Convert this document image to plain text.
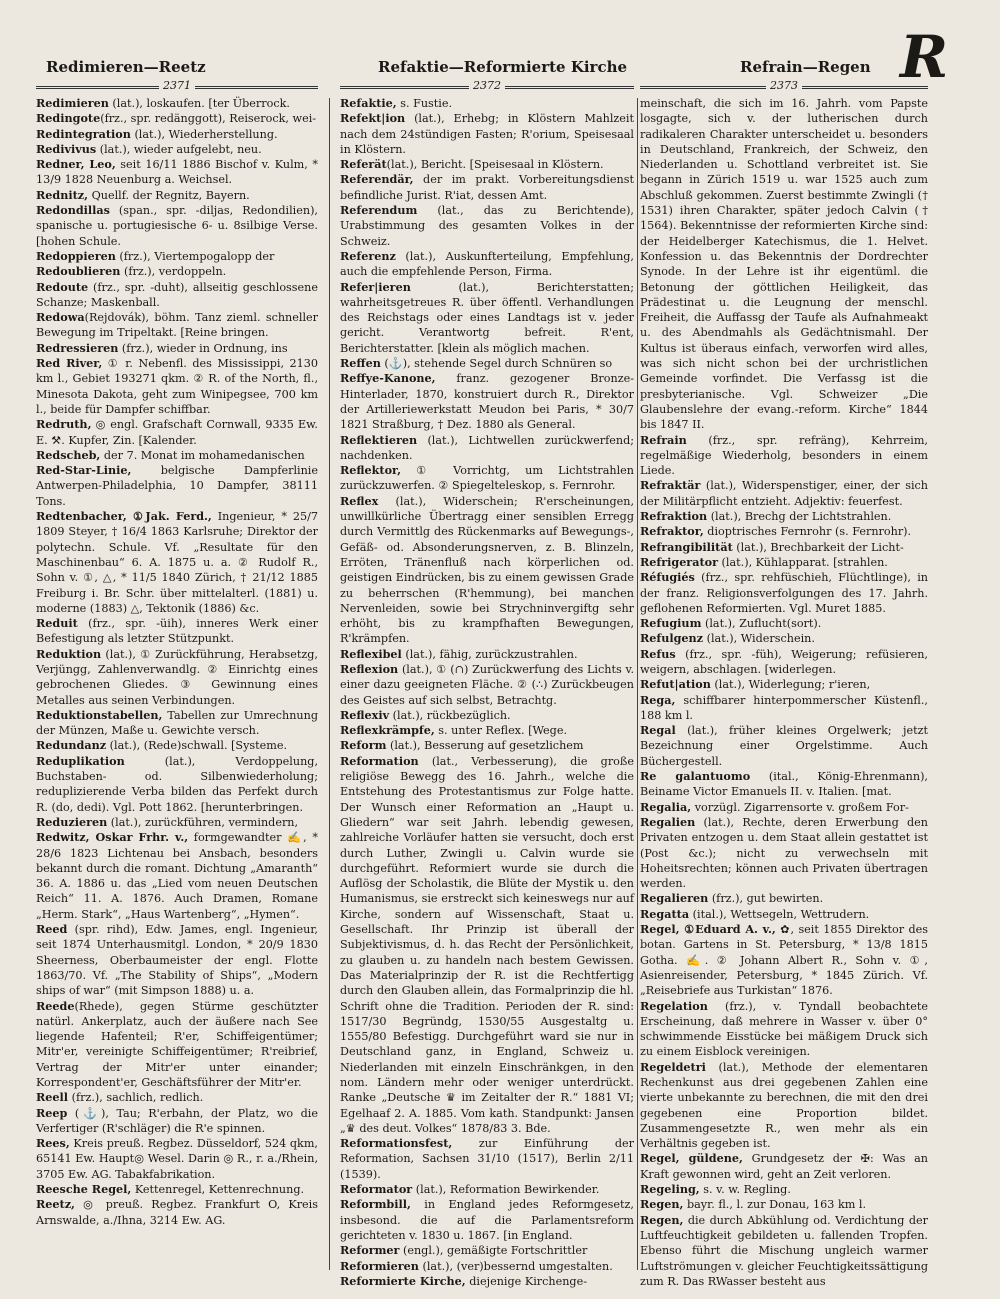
Redimieren—Reetz	Refaktie—Reformierte Kirche	Refrain—Regen R
2371	2372	2373

Redimieren (lat.), loskaufen. [ter Überrock.

Redingote(frz., spr. redänggott), Reiserock, wei-

Redintegration (lat.), Wiederherstellung.

Redivivus (lat.), wieder aufgelebt, neu.

Redner, Leo, seit 16/11 1886 Bischof v. Kulm, * 13/9 1828 Neuenburg a. Weichsel.

Rednitz, Quellf. der Regnitz, Bayern.

Redondillas (span., spr. -diljas, Redondilien), spanische u. portugiesische 6- u. 8silbige Verse. [hohen Schule.

Redoppieren (frz.), Viertempogalopp der

Redoublieren (frz.), verdoppeln.

Redoute (frz., spr. -duht), allseitig geschlossene Schanze; Maskenball.

Redowa(Rejdovák), böhm. Tanz zieml. schneller Bewegung im Tripeltakt. [Reine bringen.

Redressieren (frz.), wieder in Ordnung, ins

Red River, ① r. Nebenfl. des Mississippi, 2130 km l., Gebiet 193271 qkm. ② R. of the North, fl., Minesota Dakota, geht zum Winipegsee, 700 km l., beide für Dampfer schiffbar.

Redruth, ◎ engl. Grafschaft Cornwall, 9335 Ew. E. ⚒. Kupfer, Zin. [Kalender.

Redscheb, der 7. Monat im mohamedanischen

Red-Star-Linie, belgische Dampferlinie Antwerpen-Philadelphia, 10 Dampfer, 38111 Tons.

Redtenbacher, ①Jak. Ferd., Ingenieur, * 25/7 1809 Steyer, † 16/4 1863 Karlsruhe; Direktor der polytechn. Schule. Vf. „Resultate für den Maschinenbau“ 6. A. 1875 u. a. ② Rudolf R., Sohn v. ①, △, * 11/5 1840 Zürich, † 21/12 1885 Freiburg i. Br. Schr. über mittelalterl. (1881) u. moderne (1883) △, Tektonik (1886) &c.

Reduit (frz., spr. -üih), inneres Werk einer Befestigung als letzter Stützpunkt.

Reduktion (lat.), ① Zurückführung, Herabsetzg, Verjüngg, Zahlenverwandlg. ② Einrichtg eines gebrochenen Gliedes. ③ Gewinnung eines Metalles aus seinen Verbindungen.

Reduktionstabellen, Tabellen zur Umrechnung der Münzen, Maße u. Gewichte versch.

Redundanz (lat.), (Rede)schwall. [Systeme.

Reduplikation (lat.), Verdoppelung, Buchstaben- od. Silbenwiederholung; reduplizierende Verba bilden das Perfekt durch R. (do, dedi). Vgl. Pott 1862. [herunterbringen.

Reduzieren (lat.), zurückführen, vermindern,

Redwitz, Oskar Frhr. v., formgewandter ✍, * 28/6 1823 Lichtenau bei Ansbach, besonders bekannt durch die romant. Dichtung „Amaranth“ 36. A. 1886 u. das „Lied vom neuen Deutschen Reich“ 11. A. 1876. Auch Dramen, Romane „Herm. Stark“, „Haus Wartenberg“, „Hymen“.

Reed (spr. rihd), Edw. James, engl. Ingenieur, seit 1874 Unterhausmitgl. London, * 20/9 1830 Sheerness, Oberbaumeister der engl. Flotte 1863/70. Vf. „The Stability of Ships“, „Modern ships of war“ (mit Simpson 1888) u. a.

Reede(Rhede), gegen Stürme geschützter natürl. Ankerplatz, auch der äußere nach See liegende Hafenteil; R'er, Schiffeigentümer; Mitr'er, vereinigte Schiffeigentümer; R'reibrief, Vertrag der Mitr'er unter einander; Korrespondent'er, Geschäftsführer der Mitr'er.

Reell (frz.), sachlich, redlich.

Reep (⚓), Tau; R'erbahn, der Platz, wo die Verfertiger (R'schläger) die R'e spinnen.

Rees, Kreis preuß. Regbez. Düsseldorf, 524 qkm, 65141 Ew. Haupt◎ Wesel. Darin ◎ R., r. a./Rhein, 3705 Ew. AG. Tabakfabrikation.

Reesche Regel, Kettenregel, Kettenrechnung.

Reetz, ◎ preuß. Regbez. Frankfurt O, Kreis Arnswalde, a./Ihna, 3214 Ew. AG.

Refaktie, s. Fustie.

Refekt|ion (lat.), Erhebg; in Klöstern Mahlzeit nach dem 24stündigen Fasten; R'orium, Speisesaal in Klöstern.

Referät(lat.), Bericht. [Speisesaal in Klöstern.

Referendär, der im prakt. Vorbereitungsdienst befindliche Jurist. R'iat, dessen Amt.

Referendum (lat., das zu Berichtende), Urabstimmung des gesamten Volkes in der Schweiz.

Referenz (lat.), Auskunfterteilung, Empfehlung, auch die empfehlende Person, Firma.

Refer|ieren (lat.), Berichterstatten; wahrheitsgetreues R. über öffentl. Verhandlungen des Reichstags oder eines Landtags ist v. jeder gericht. Verantwortg befreit. R'ent, Berichterstatter. [klein als möglich machen.

Reffen (⚓), stehende Segel durch Schnüren so

Reffye-Kanone, franz. gezogener Bronze-Hinterlader, 1870, konstruiert durch R., Direktor der Artilleriewerkstatt Meudon bei Paris, * 30/7 1821 Straßburg, † Dez. 1880 als General.

Reflektieren (lat.), Lichtwellen zurückwerfend; nachdenken.

Reflektor, ① Vorrichtg, um Lichtstrahlen zurückzuwerfen. ② Spiegelteleskop, s. Fernrohr.

Reflex (lat.), Widerschein; R'erscheinungen, unwillkürliche Übertragg einer sensiblen Erregg durch Vermittlg des Rückenmarks auf Bewegungs-, Gefäß- od. Absonderungsnerven, z. B. Blinzeln, Erröten, Tränenfluß nach körperlichen od. geistigen Eindrücken, bis zu einem gewissen Grade zu beherrschen (R'hemmung), bei manchen Nervenleiden, sowie bei Strychninvergiftg sehr erhöht, bis zu krampfhaften Bewegungen, R'krämpfen.

Reflexibel (lat.), fähig, zurückzustrahlen.

Reflexion (lat.), ① (∩) Zurückwerfung des Lichts v. einer dazu geeigneten Fläche. ② (∴) Zurückbeugen des Geistes auf sich selbst, Betrachtg.

Reflexiv (lat.), rückbezüglich.

Reflexkrämpfe, s. unter Reflex. [Wege.

Reform (lat.), Besserung auf gesetzlichem

Reformation (lat., Verbesserung), die große religiöse Bewegg des 16. Jahrh., welche die Entstehung des Protestantismus zur Folge hatte. Der Wunsch einer Reformation an „Haupt u. Gliedern“ war seit Jahrh. lebendig gewesen, zahlreiche Vorläufer hatten sie versucht, doch erst durch Luther, Zwingli u. Calvin wurde sie durchgeführt. Reformiert wurde sie durch die Auflösg der Scholastik, die Blüte der Mystik u. den Humanismus, sie erstreckt sich keineswegs nur auf Kirche, sondern auf Wissenschaft, Staat u. Gesellschaft. Ihr Prinzip ist überall der Subjektivismus, d. h. das Recht der Persönlichkeit, zu glauben u. zu handeln nach bestem Gewissen. Das Materialprinzip der R. ist die Rechtfertigg durch den Glauben allein, das Formalprinzip die hl. Schrift ohne die Tradition. Perioden der R. sind: 1517/30 Begründg, 1530/55 Ausgestaltg u. 1555/80 Befestigg. Durchgeführt ward sie nur in Deutschland ganz, in England, Schweiz u. Niederlanden mit einzeln Einschränkgen, in den nom. Ländern mehr oder weniger unterdrückt. Ranke „Deutsche ♛ im Zeitalter der R.“ 1881 VI; Egelhaaf 2. A. 1885. Vom kath. Standpunkt: Jansen „♛ des deut. Volkes“ 1878/83 3. Bde.

Reformationsfest, zur Einführung der Reformation, Sachsen 31/10 (1517), Berlin 2/11 (1539).

Reformator (lat.), Reformation Bewirkender.

Reformbill, in England jedes Reformgesetz, insbesond. die auf die Parlamentsreform gerichteten v. 1830 u. 1867. [in England.

Reformer (engl.), gemäßigte Fortschrittler

Reformieren (lat.), (ver)bessernd umgestalten.

Reformierte Kirche, diejenige Kirchenge-

meinschaft, die sich im 16. Jahrh. vom Papste losgagte, sich v. der lutherischen durch radikaleren Charakter unterscheidet u. besonders in Deutschland, Frankreich, der Schweiz, den Niederlanden u. Schottland verbreitet ist. Sie begann in Zürich 1519 u. war 1525 auch zum Abschluß gekommen. Zuerst bestimmte Zwingli († 1531) ihren Charakter, später jedoch Calvin († 1564). Bekenntnisse der reformierten Kirche sind: der Heidelberger Katechismus, die 1. Helvet. Konfession u. das Bekenntnis der Dordrechter Synode. In der Lehre ist ihr eigentüml. die Betonung der göttlichen Heiligkeit, das Prädestinat u. die Leugnung der menschl. Freiheit, die Auffassg der Taufe als Aufnahmeakt u. des Abendmahls als Gedächtnismahl. Der Kultus ist überaus einfach, verworfen wird alles, was sich nicht schon bei der urchristlichen Gemeinde vorfindet. Die Verfassg ist die presbyterianische. Vgl. Schweizer „Die Glaubenslehre der evang.-reform. Kirche“ 1844 bis 1847 II.

Refrain (frz., spr. refräng), Kehrreim, regelmäßige Wiederholg, besonders in einem Liede.

Refraktär (lat.), Widerspenstiger, einer, der sich der Militärpflicht entzieht. Adjektiv: feuerfest.

Refraktion (lat.), Brechg der Lichtstrahlen.

Refraktor, dioptrisches Fernrohr (s. Fernrohr).

Refrangibilität (lat.), Brechbarkeit der Licht-

Refrigerator (lat.), Kühlapparat. [strahlen.

Réfugiés (frz., spr. rehfüschieh, Flüchtlinge), in der franz. Religionsverfolgungen des 17. Jahrh. geflohenen Reformierten. Vgl. Muret 1885.

Refugium (lat.), Zuflucht(sort).

Refulgenz (lat.), Widerschein.

Refus (frz., spr. -füh), Weigerung; refüsieren, weigern, abschlagen. [widerlegen.

Refut|ation (lat.), Widerlegung; r'ieren,

Rega, schiffbarer hinterpommerscher Küstenfl., 188 km l.

Regal (lat.), früher kleines Orgelwerk; jetzt Bezeichnung einer Orgelstimme. Auch Büchergestell.

Re galantuomo (ital., König-Ehrenmann), Beiname Victor Emanuels II. v. Italien. [mat.

Regalia, vorzügl. Zigarrensorte v. großem For-

Regalien (lat.), Rechte, deren Erwerbung den Privaten entzogen u. dem Staat allein gestattet ist (Post &c.); nicht zu verwechseln mit Hoheitsrechten; können auch Privaten übertragen werden.

Regalieren (frz.), gut bewirten.

Regatta (ital.), Wettsegeln, Wettrudern.

Regel, ①Eduard A. v., ✿, seit 1855 Direktor des botan. Gartens in St. Petersburg, * 13/8 1815 Gotha. ✍. ② Johann Albert R., Sohn v. ①, Asienreisender, Petersburg, * 1845 Zürich. Vf. „Reisebriefe aus Turkistan“ 1876.

Regelation (frz.), v. Tyndall beobachtete Erscheinung, daß mehrere in Wasser v. über 0° schwimmende Eisstücke bei mäßigem Druck sich zu einem Eisblock vereinigen.

Regeldetri (lat.), Methode der elementaren Rechenkunst aus drei gegebenen Zahlen eine vierte unbekannte zu berechnen, die mit den drei gegebenen eine Proportion bildet. Zusammengesetzte R., wen mehr als ein Verhältnis gegeben ist.

Regel, güldene, Grundgesetz der ✠: Was an Kraft gewonnen wird, geht an Zeit verloren.

Regeling, s. v. w. Regling.

Regen, bayr. fl., l. zur Donau, 163 km l.

Regen, die durch Abkühlung od. Verdichtung der Luftfeuchtigkeit gebildeten u. fallenden Tropfen. Ebenso führt die Mischung ungleich warmer Luftströmungen v. gleicher Feuchtigkeitssättigung zum R. Das RWasser besteht aus
